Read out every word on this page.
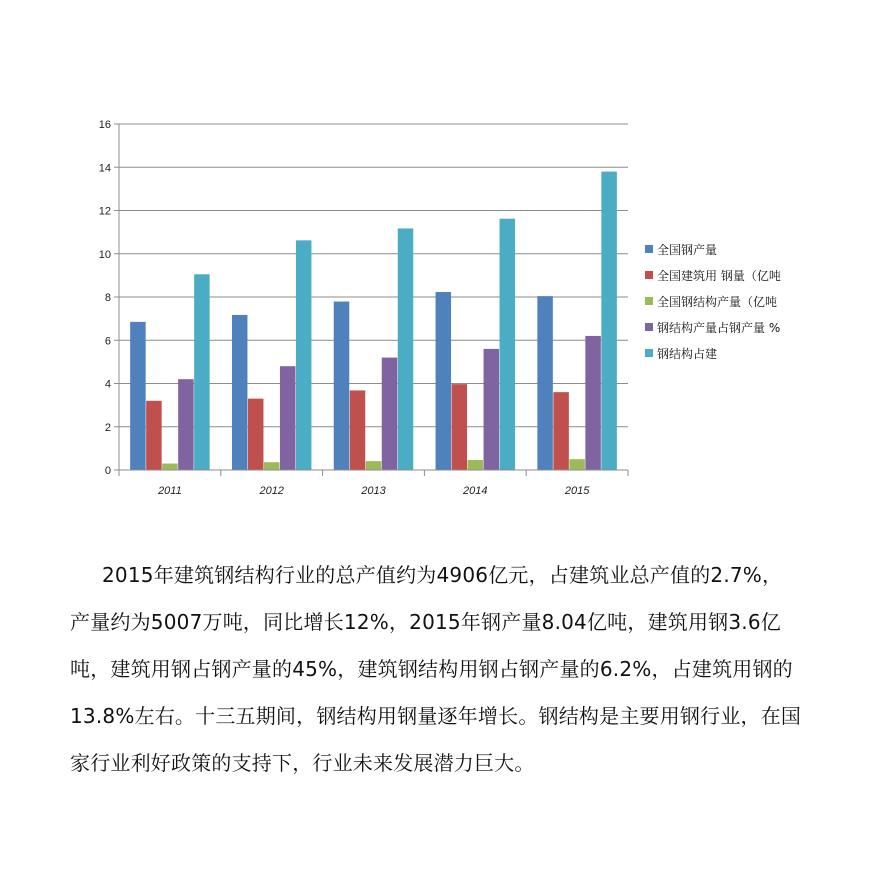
0
2
4
6
8
10
12
14
16
2011	2012	2013	2014	2015
全国钢产量
全国建筑用 钢量（亿吨
全国钢结构产量（亿吨
钢结构产量占钢产量 %
钢结构占建

2015年建筑钢结构行业的总产值约为4906亿元，占建筑业总产值的2.7%，产量约为5007万吨，同比增长12%，2015年钢产量8.04亿吨，建筑用钢3.6亿吨，建筑用钢占钢产量的45%，建筑钢结构用钢占钢产量的6.2%，占建筑用钢的13.8%左右。十三五期间，钢结构用钢量逐年增长。钢结构是主要用钢行业，在国家行业利好政策的支持下，行业未来发展潜力巨大。
